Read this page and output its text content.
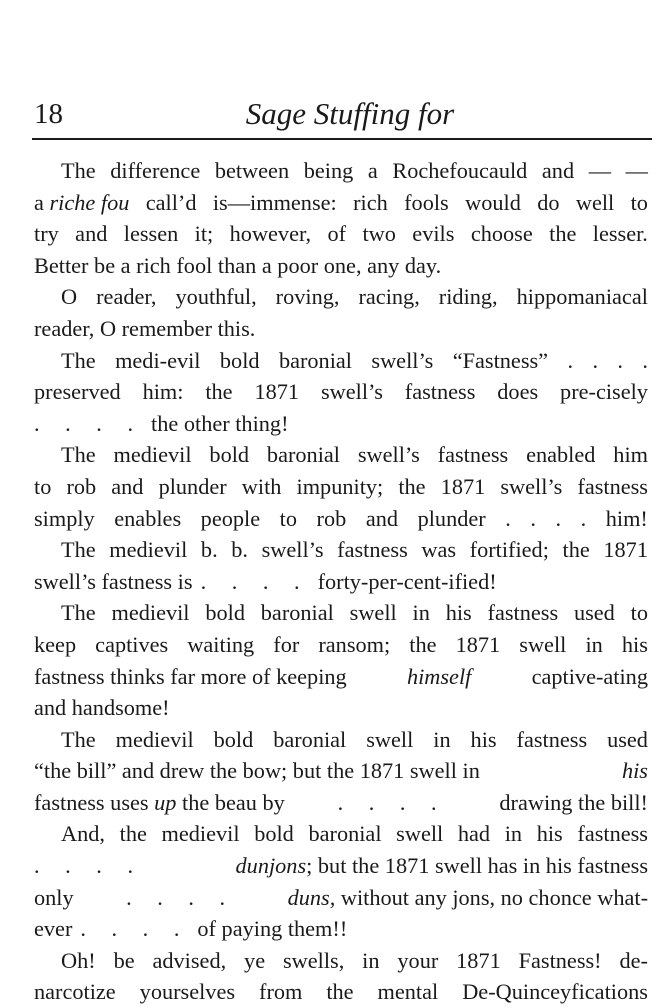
18	Sage Stuffing for
The difference between being a Rochefoucauld and — —
a riche fou call’d is—immense: rich fools would do well to
try and lessen it; however, of two evils choose the lesser.
Better be a rich fool than a poor one, any day.
O reader, youthful, roving, racing, riding, hippomaniacal
reader, O remember this.
The medi-evil bold baronial swell’s “Fastness” . . . .
preserved him: the 1871 swell’s fastness does pre-cisely
. . . . the other thing!
The medievil bold baronial swell’s fastness enabled him
to rob and plunder with impunity; the 1871 swell’s fastness
simply enables people to rob and plunder . . . . him!
The medievil b. b. swell’s fastness was fortified; the 1871
swell’s fastness is . . . . forty-per-cent-ified!
The medievil bold baronial swell in his fastness used to
keep captives waiting for ransom; the 1871 swell in his
fastness thinks far more of keeping	himself	captive-ating
and handsome!
The medievil bold baronial swell in his fastness used
“the bill” and drew the bow; but the 1871 swell in	his
fastness uses up the beau by . . . . drawing the bill!
And, the medievil bold baronial swell had in his fastness
. . . .	dunjons; but the 1871 swell has in his fastness
only . . . . duns, without any jons, no chonce what-
ever . . . . of paying them!!
Oh! be advised, ye swells, in your 1871 Fastness! de-
narcotize yourselves from the mental De-Quinceyfications
